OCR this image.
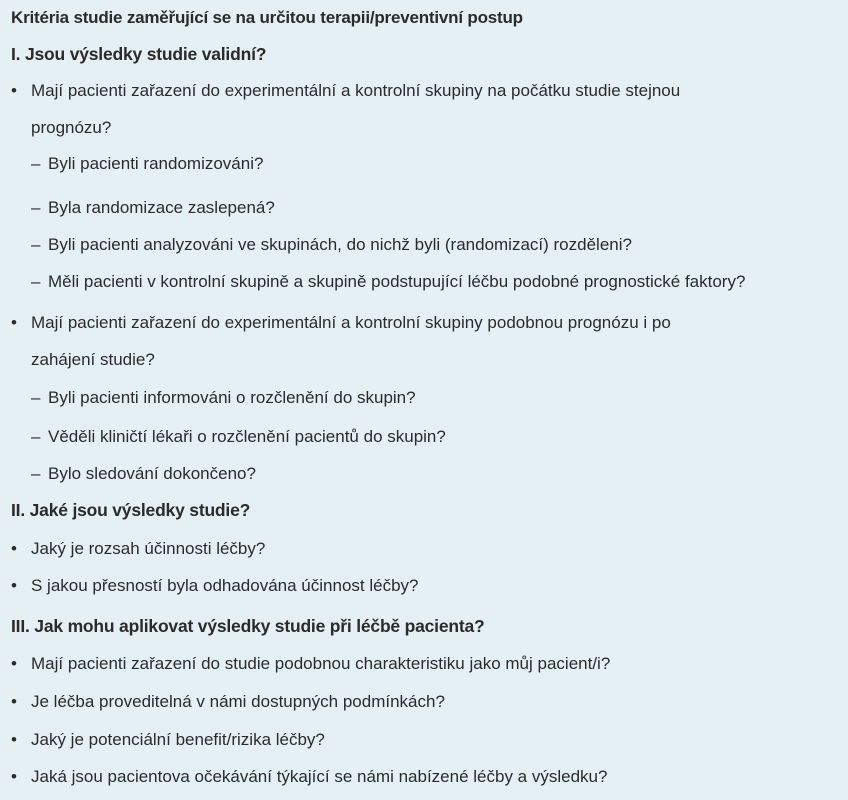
Kritéria studie zaměřující se na určitou terapii/preventivní postup
I. Jsou výsledky studie validní?
• Mají pacienti zařazení do experimentální a kontrolní skupiny na počátku studie stejnou
prognózu?
– Byli pacienti randomizováni?
– Byla randomizace zaslepená?
– Byli pacienti analyzováni ve skupinách, do nichž byli (randomizací) rozděleni?
– Měli pacienti v kontrolní skupině a skupině podstupující léčbu podobné prognostické faktory?
• Mají pacienti zařazení do experimentální a kontrolní skupiny podobnou prognózu i po
zahájení studie?
– Byli pacienti informováni o rozčlenění do skupin?
– Věděli kliničtí lékaři o rozčlenění pacientů do skupin?
– Bylo sledování dokončeno?
II. Jaké jsou výsledky studie?
• Jaký je rozsah účinnosti léčby?
• S jakou přesností byla odhadována účinnost léčby?
III. Jak mohu aplikovat výsledky studie při léčbě pacienta?
• Mají pacienti zařazení do studie podobnou charakteristiku jako můj pacient/i?
• Je léčba proveditelná v námi dostupných podmínkách?
• Jaký je potenciální benefit/rizika léčby?
• Jaká jsou pacientova očekávání týkající se námi nabízené léčby a výsledku?
